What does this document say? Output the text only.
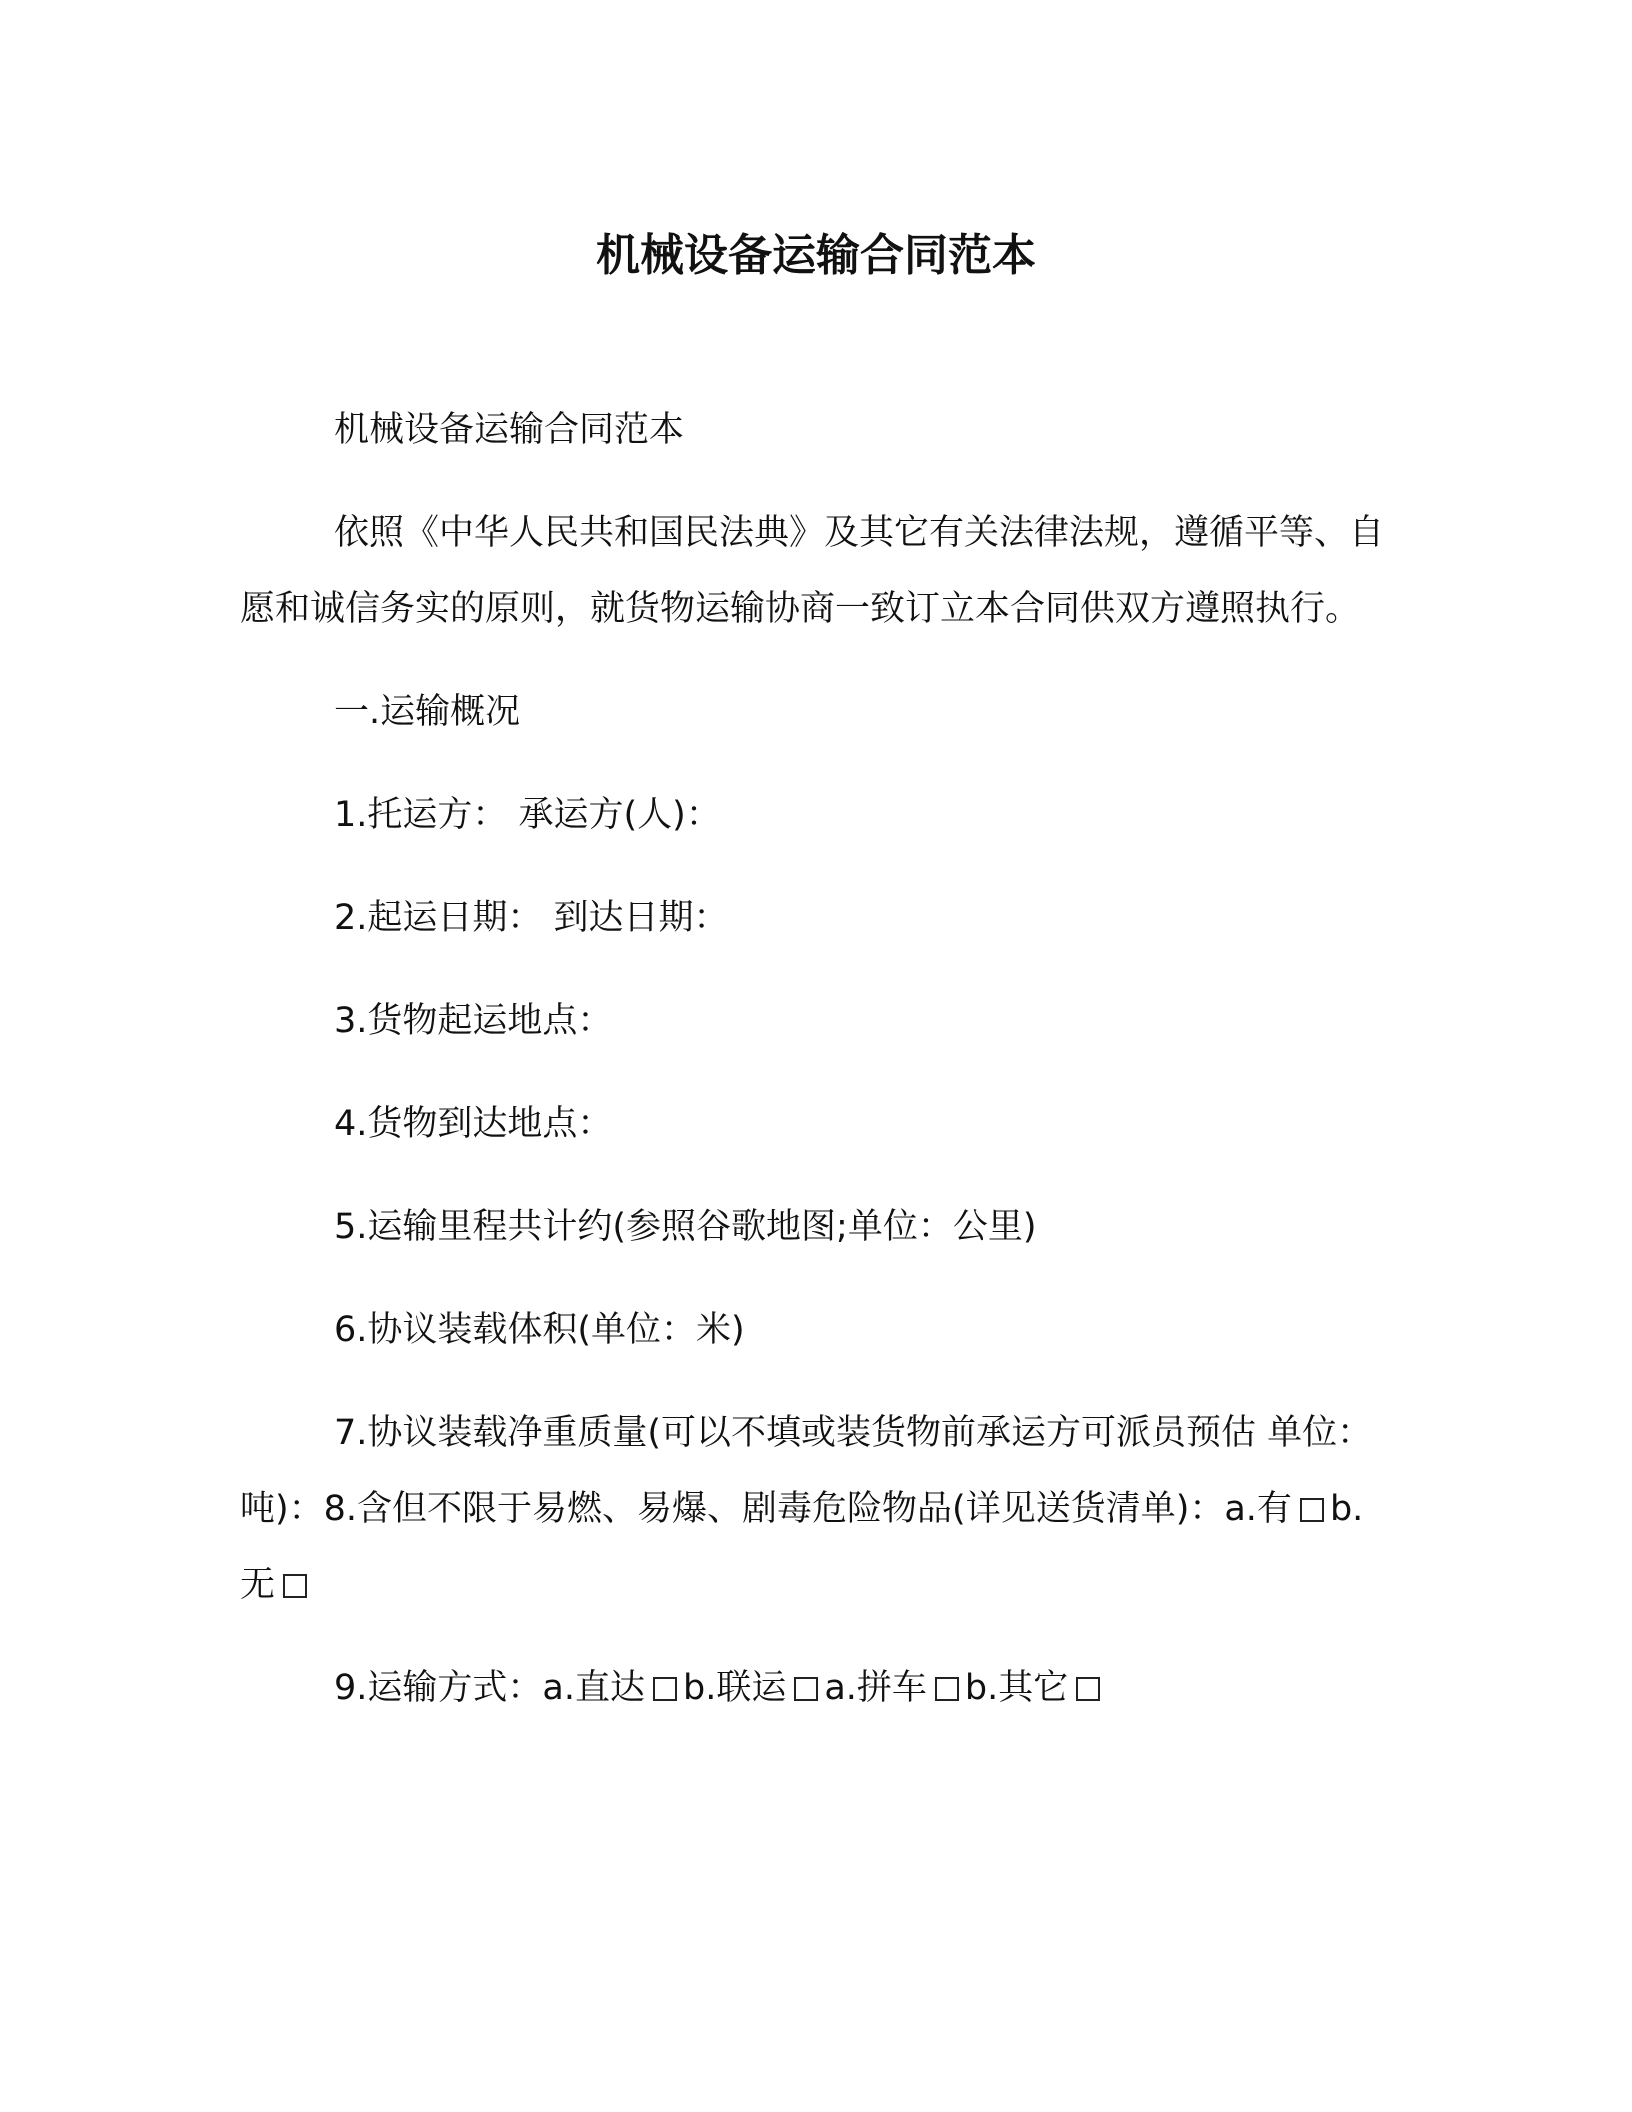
机械设备运输合同范本

机械设备运输合同范本

依照《中华人民共和国民法典》及其它有关法律法规，遵循平等、自愿和诚信务实的原则，就货物运输协商一致订立本合同供双方遵照执行。

一.运输概况

1.托运方： 承运方(人)：

2.起运日期： 到达日期：

3.货物起运地点：

4.货物到达地点：

5.运输里程共计约(参照谷歌地图;单位：公里)

6.协议装载体积(单位：米)

7.协议装载净重质量(可以不填或装货物前承运方可派员预估 单位：吨)：8.含但不限于易燃、易爆、剧毒危险物品(详见送货清单)：a.有 b.无

9.运输方式：a.直达 b.联运 a.拼车 b.其它
